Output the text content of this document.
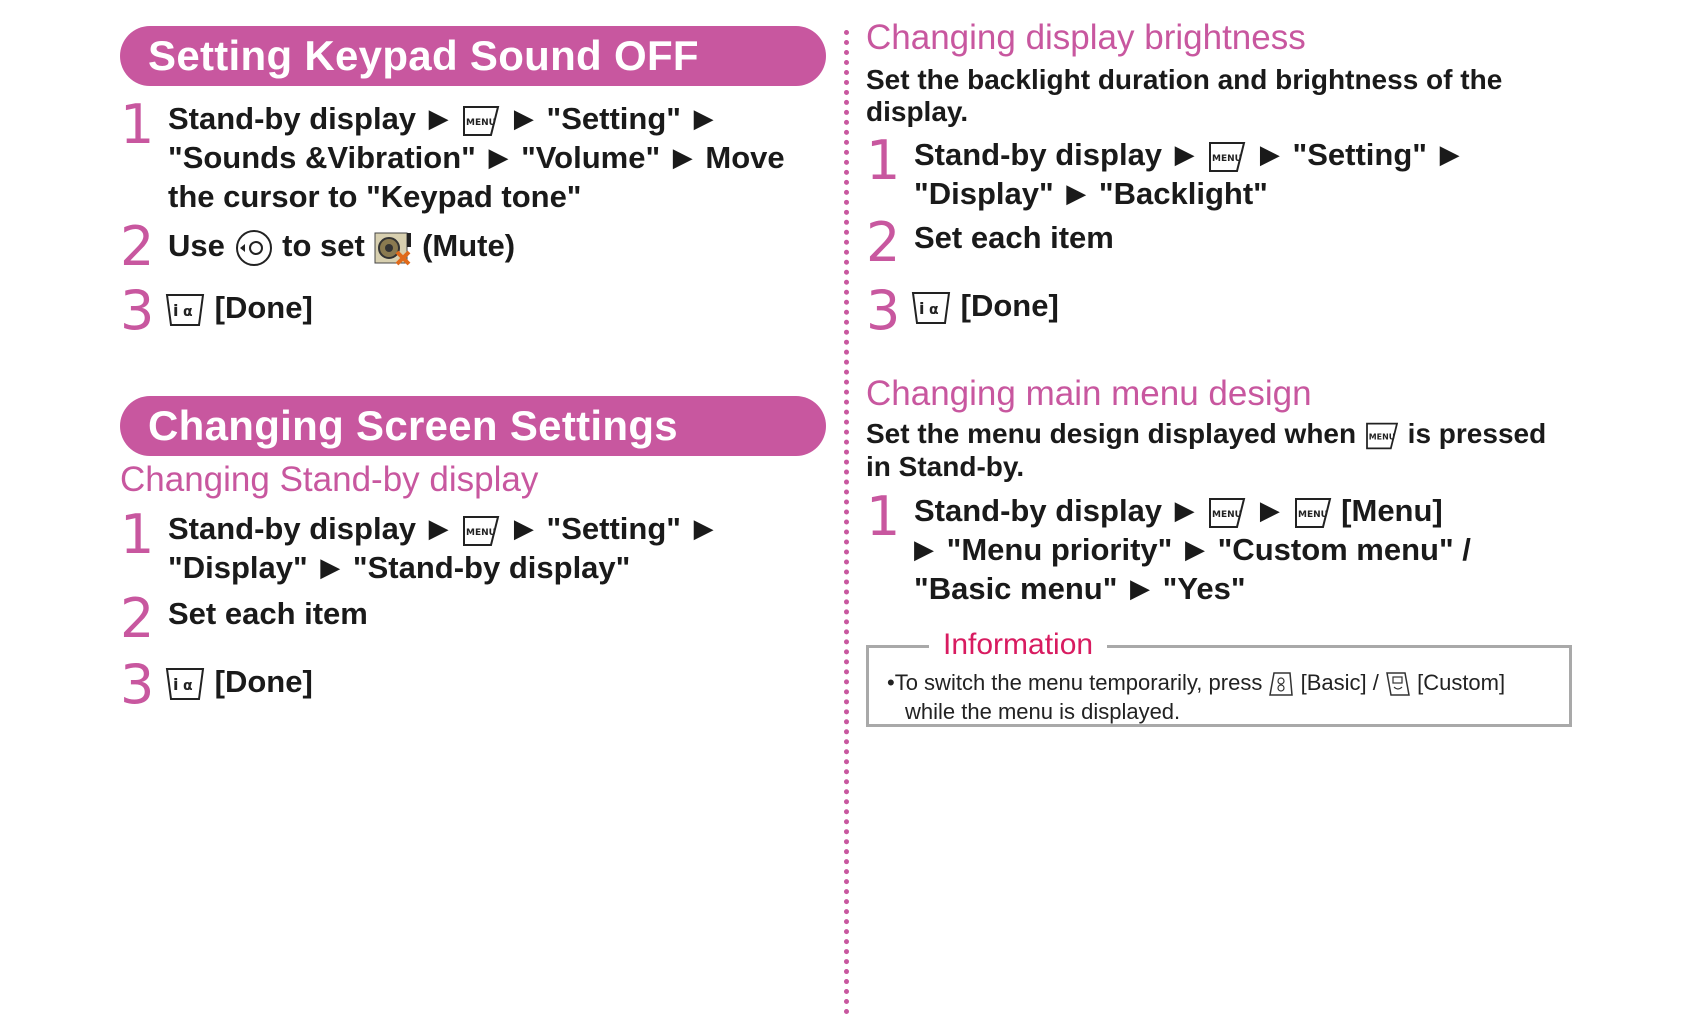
Setting Keypad Sound OFF
1 Stand-by display ▶ MENU ▶ "Setting" ▶
"Sounds &Vibration" ▶ "Volume" ▶ Move
the cursor to "Keypad tone"
2 Use to set (Mute)
3 i α [Done]
Changing Screen Settings
Changing Stand-by display
1 Stand-by display ▶ MENU ▶ "Setting" ▶
"Display" ▶ "Stand-by display"
2 Set each item
3 i α [Done]
Changing display brightness
Set the backlight duration and brightness of the display.
1 Stand-by display ▶ MENU ▶ "Setting" ▶
"Display" ▶ "Backlight"
2 Set each item
3 i α [Done]
Changing main menu design
Set the menu design displayed when MENU is pressed
in Stand-by.
1 Stand-by display ▶ MENU ▶ MENU [Menu]
▶ "Menu priority" ▶ "Custom menu" /
"Basic menu" ▶ "Yes"
Information
•To switch the menu temporarily, press [Basic] / [Custom]
while the menu is displayed.
